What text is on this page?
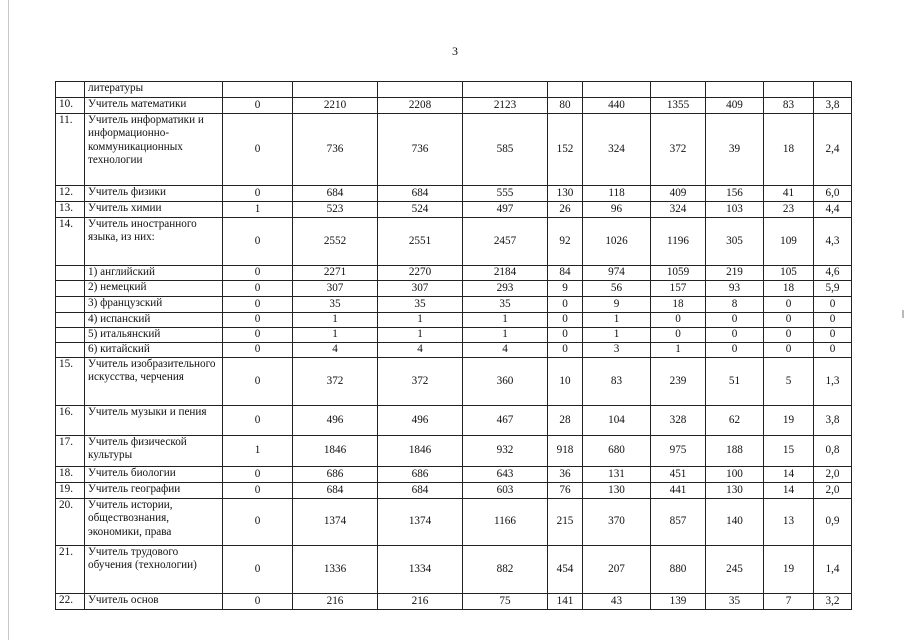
3
	литературы										
10.	Учитель математики	0	2210	2208	2123	80	440	1355	409	83	3,8
11.	Учитель информатики и информационно-коммуникационных технологии	0	736	736	585	152	324	372	39	18	2,4
12.	Учитель физики	0	684	684	555	130	118	409	156	41	6,0
13.	Учитель химии	1	523	524	497	26	96	324	103	23	4,4
14.	Учитель иностранного языка, из них:	0	2552	2551	2457	92	1026	1196	305	109	4,3
	1) английский	0	2271	2270	2184	84	974	1059	219	105	4,6
	2) немецкий	0	307	307	293	9	56	157	93	18	5,9
	3) французский	0	35	35	35	0	9	18	8	0	0
	4) испанский	0	1	1	1	0	1	0	0	0	0
	5) итальянский	0	1	1	1	0	1	0	0	0	0
	6) китайский	0	4	4	4	0	3	1	0	0	0
15.	Учитель изобразительного искусства, черчения	0	372	372	360	10	83	239	51	5	1,3
16.	Учитель музыки и пения	0	496	496	467	28	104	328	62	19	3,8
17.	Учитель физической культуры	1	1846	1846	932	918	680	975	188	15	0,8
18.	Учитель биологии	0	686	686	643	36	131	451	100	14	2,0
19.	Учитель географии	0	684	684	603	76	130	441	130	14	2,0
20.	Учитель истории, обществознания, экономики, права	0	1374	1374	1166	215	370	857	140	13	0,9
21.	Учитель трудового обучения (технологии)	0	1336	1334	882	454	207	880	245	19	1,4
22.	Учитель основ	0	216	216	75	141	43	139	35	7	3,2
